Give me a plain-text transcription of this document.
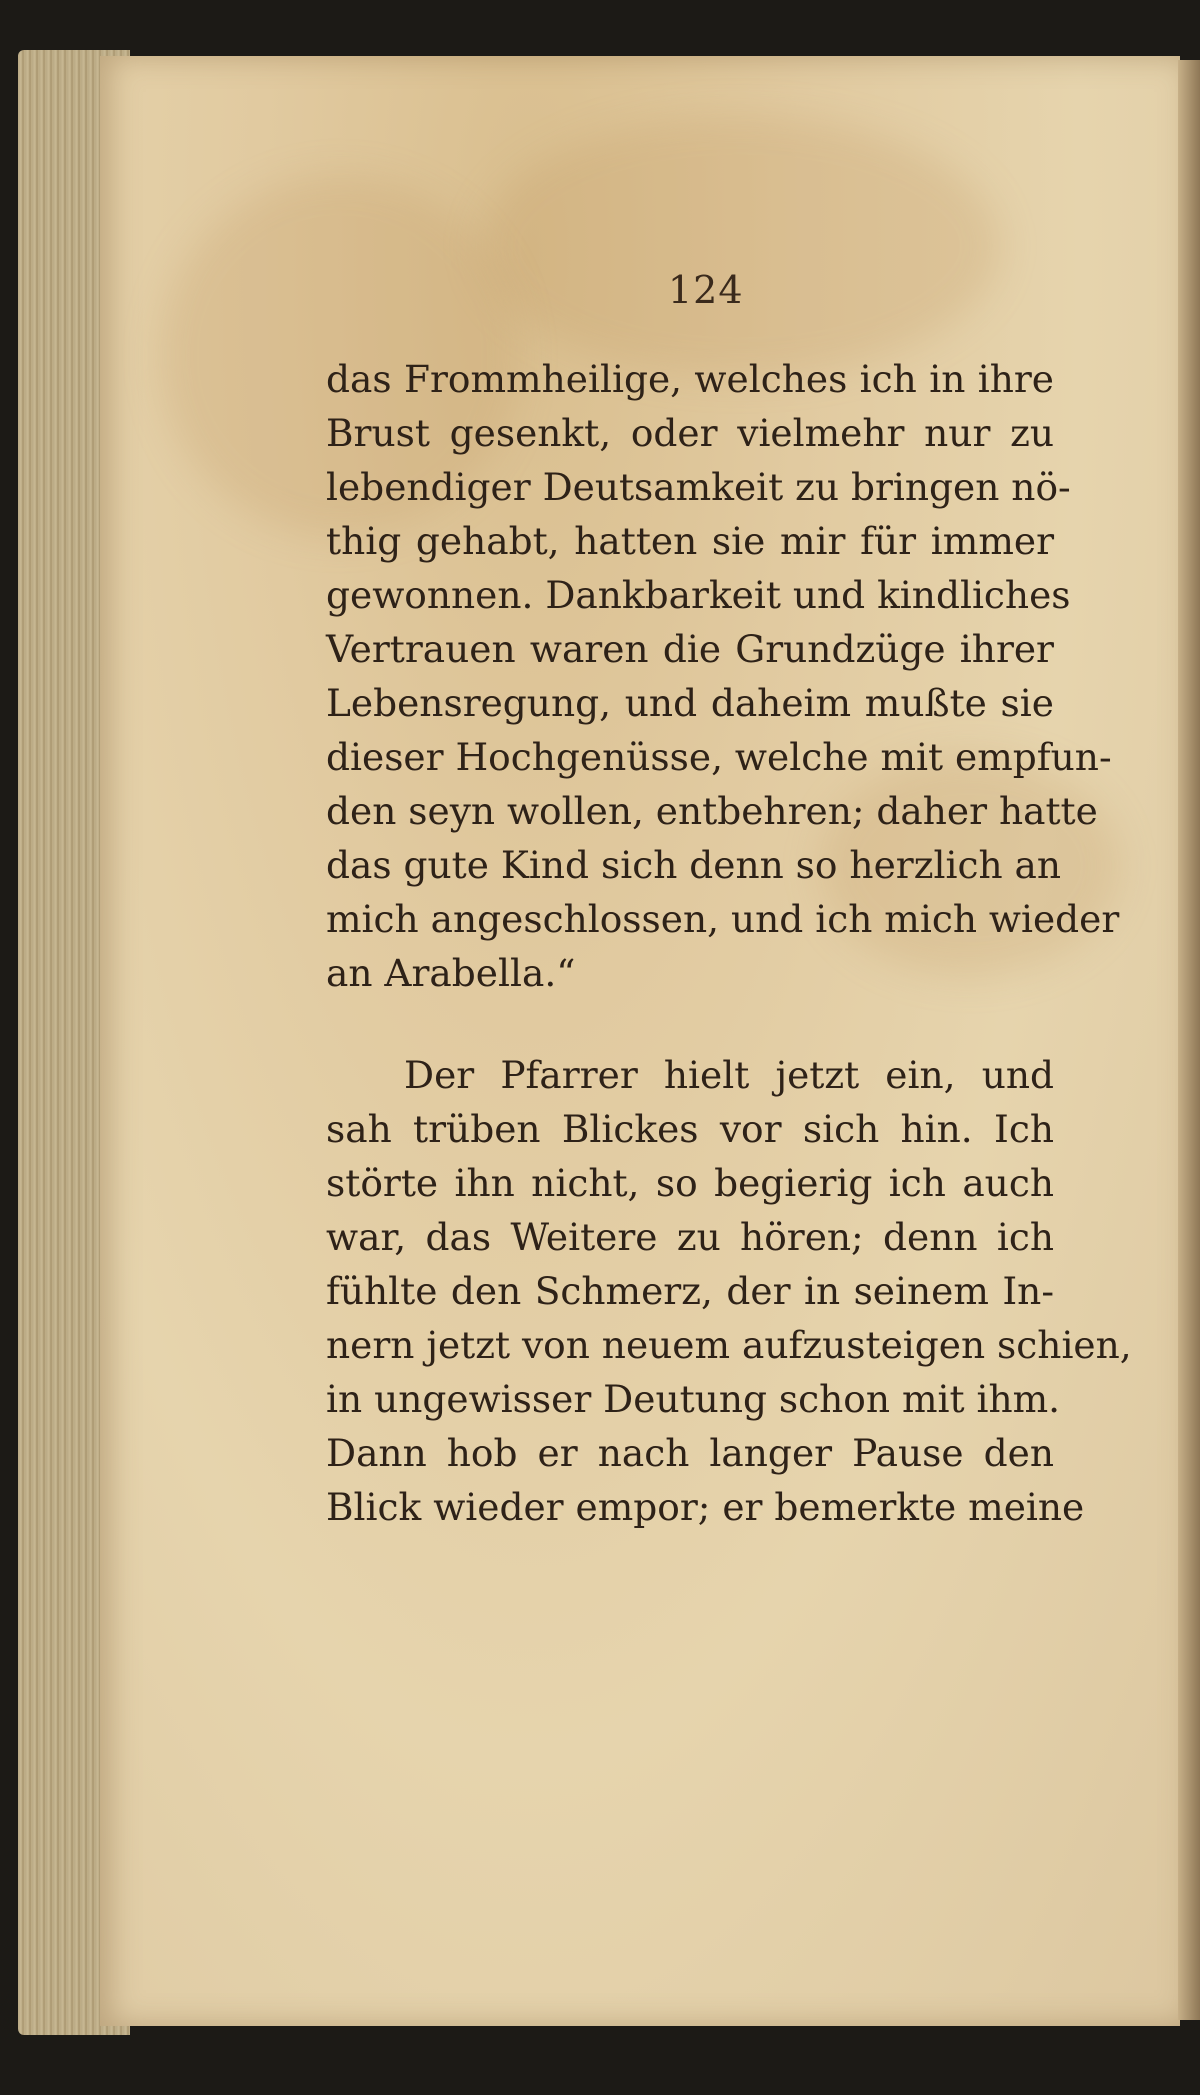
124
das Frommheilige, welches ich in ihre
Brust gesenkt, oder vielmehr nur zu
lebendiger Deutsamkeit zu bringen nö-
thig gehabt, hatten sie mir für immer
gewonnen. Dankbarkeit und kindliches
Vertrauen waren die Grundzüge ihrer
Lebensregung, und daheim mußte sie
dieser Hochgenüsse, welche mit empfun-
den seyn wollen, entbehren; daher hatte
das gute Kind sich denn so herzlich an
mich angeschlossen, und ich mich wieder
an Arabella.“
Der Pfarrer hielt jetzt ein, und
sah trüben Blickes vor sich hin. Ich
störte ihn nicht, so begierig ich auch
war, das Weitere zu hören; denn ich
fühlte den Schmerz, der in seinem In-
nern jetzt von neuem aufzusteigen schien,
in ungewisser Deutung schon mit ihm.
Dann hob er nach langer Pause den
Blick wieder empor; er bemerkte meine
